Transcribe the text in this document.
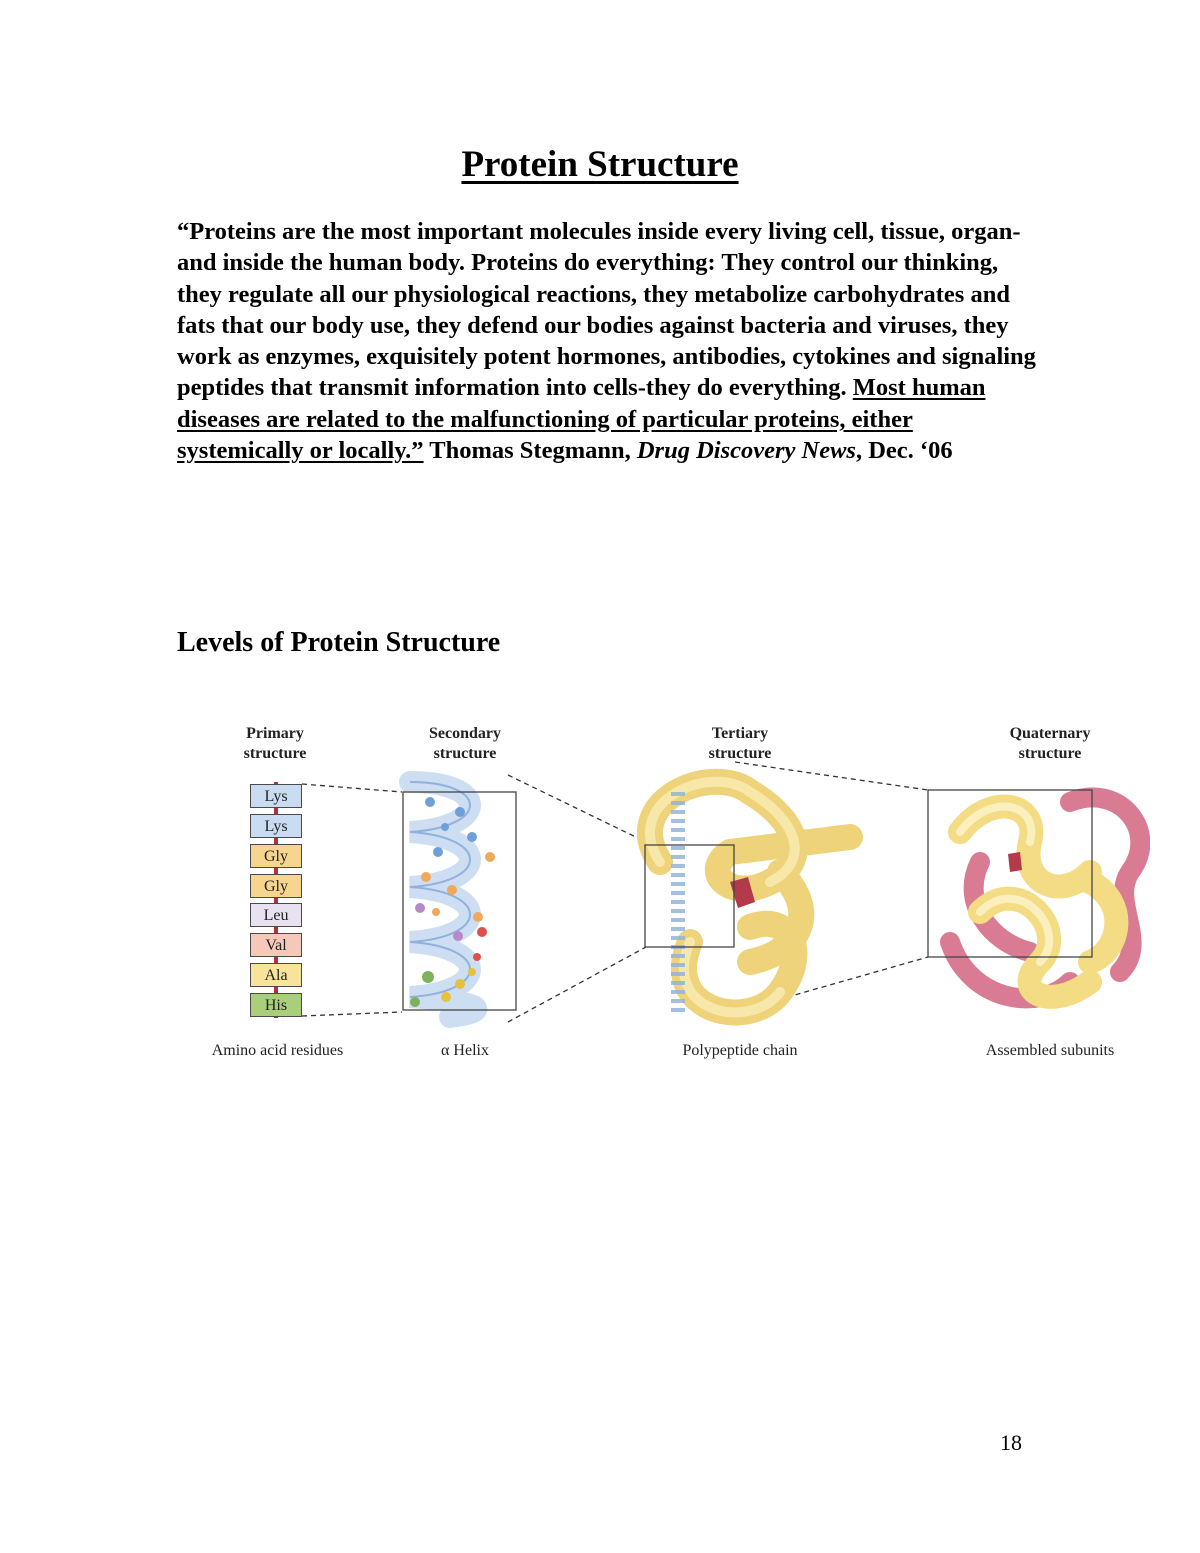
Protein Structure

“Proteins are the most important molecules inside every living cell, tissue, organ-and inside the human body. Proteins do everything: They control our thinking, they regulate all our physiological reactions, they metabolize carbohydrates and fats that our body use, they defend our bodies against bacteria and viruses, they work as enzymes, exquisitely potent hormones, antibodies, cytokines and signaling peptides that transmit information into cells-they do everything. Most human diseases are related to the malfunctioning of particular proteins, either systemically or locally.” Thomas Stegmann, Drug Discovery News, Dec. ‘06

Levels of Protein Structure
Primary
structure
Secondary
structure
Tertiary
structure
Quaternary
structure
Lys
Lys
Gly
Gly
Leu
Val
Ala
His
Amino acid residues	α Helix	Polypeptide chain	Assembled subunits
18
